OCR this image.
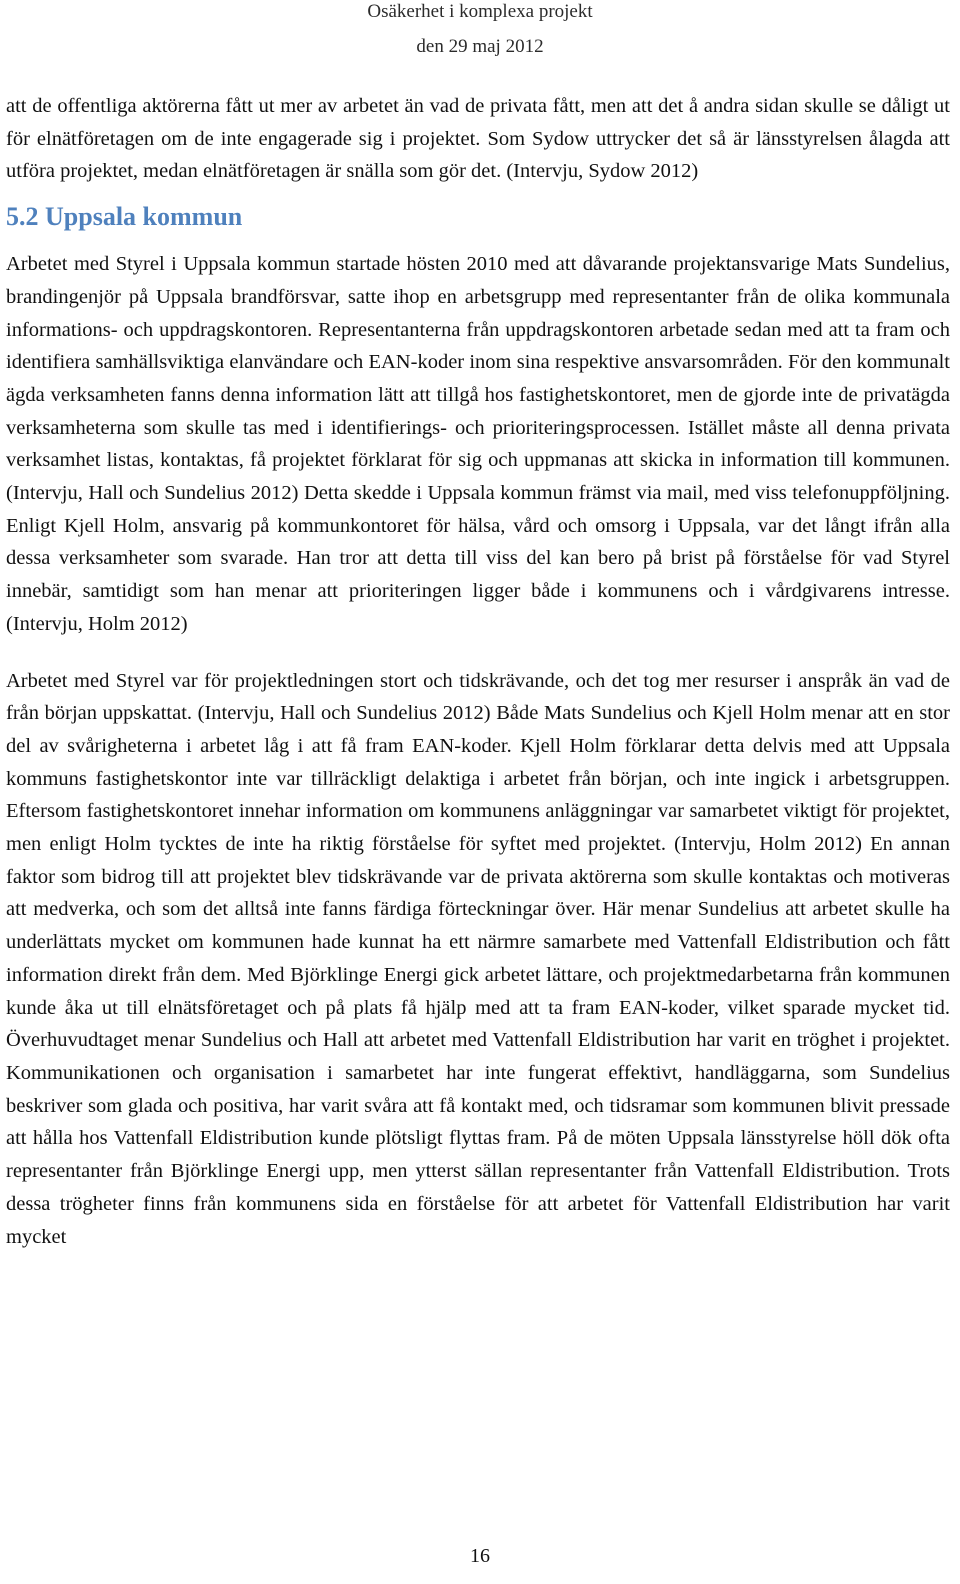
Osäkerhet i komplexa projekt
den 29 maj 2012

att de offentliga aktörerna fått ut mer av arbetet än vad de privata fått, men att det å andra sidan skulle se dåligt ut för elnätföretagen om de inte engagerade sig i projektet. Som Sydow uttrycker det så är länsstyrelsen ålagda att utföra projektet, medan elnätföretagen är snälla som gör det. (Intervju, Sydow 2012)

5.2 Uppsala kommun

Arbetet med Styrel i Uppsala kommun startade hösten 2010 med att dåvarande projektansvarige Mats Sundelius, brandingenjör på Uppsala brandförsvar, satte ihop en arbetsgrupp med representanter från de olika kommunala informations- och uppdragskontoren. Representanterna från uppdragskontoren arbetade sedan med att ta fram och identifiera samhällsviktiga elanvändare och EAN-koder inom sina respektive ansvarsområden. För den kommunalt ägda verksamheten fanns denna information lätt att tillgå hos fastighetskontoret, men de gjorde inte de privatägda verksamheterna som skulle tas med i identifierings- och prioriteringsprocessen. Istället måste all denna privata verksamhet listas, kontaktas, få projektet förklarat för sig och uppmanas att skicka in information till kommunen. (Intervju, Hall och Sundelius 2012) Detta skedde i Uppsala kommun främst via mail, med viss telefonuppföljning. Enligt Kjell Holm, ansvarig på kommunkontoret för hälsa, vård och omsorg i Uppsala, var det långt ifrån alla dessa verksamheter som svarade. Han tror att detta till viss del kan bero på brist på förståelse för vad Styrel innebär, samtidigt som han menar att prioriteringen ligger både i kommunens och i vårdgivarens intresse. (Intervju, Holm 2012)

Arbetet med Styrel var för projektledningen stort och tidskrävande, och det tog mer resurser i anspråk än vad de från början uppskattat. (Intervju, Hall och Sundelius 2012) Både Mats Sundelius och Kjell Holm menar att en stor del av svårigheterna i arbetet låg i att få fram EAN-koder. Kjell Holm förklarar detta delvis med att Uppsala kommuns fastighetskontor inte var tillräckligt delaktiga i arbetet från början, och inte ingick i arbetsgruppen. Eftersom fastighetskontoret innehar information om kommunens anläggningar var samarbetet viktigt för projektet, men enligt Holm tycktes de inte ha riktig förståelse för syftet med projektet. (Intervju, Holm 2012) En annan faktor som bidrog till att projektet blev tidskrävande var de privata aktörerna som skulle kontaktas och motiveras att medverka, och som det alltså inte fanns färdiga förteckningar över. Här menar Sundelius att arbetet skulle ha underlättats mycket om kommunen hade kunnat ha ett närmre samarbete med Vattenfall Eldistribution och fått information direkt från dem. Med Björklinge Energi gick arbetet lättare, och projektmedarbetarna från kommunen kunde åka ut till elnätsföretaget och på plats få hjälp med att ta fram EAN-koder, vilket sparade mycket tid. Överhuvudtaget menar Sundelius och Hall att arbetet med Vattenfall Eldistribution har varit en tröghet i projektet. Kommunikationen och organisation i samarbetet har inte fungerat effektivt, handläggarna, som Sundelius beskriver som glada och positiva, har varit svåra att få kontakt med, och tidsramar som kommunen blivit pressade att hålla hos Vattenfall Eldistribution kunde plötsligt flyttas fram. På de möten Uppsala länsstyrelse höll dök ofta representanter från Björklinge Energi upp, men ytterst sällan representanter från Vattenfall Eldistribution. Trots dessa trögheter finns från kommunens sida en förståelse för att arbetet för Vattenfall Eldistribution har varit mycket

16
